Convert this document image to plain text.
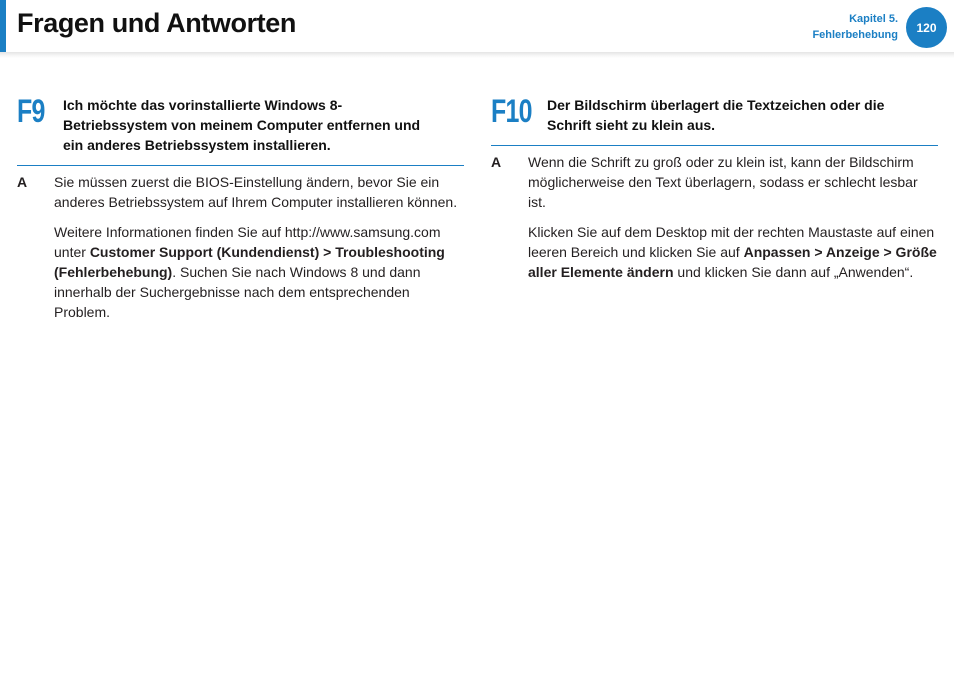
Fragen und Antworten	Kapitel 5.
Fehlerbehebung
120
F9 Ich möchte das vorinstallierte Windows 8-Betriebssystem von meinem Computer entfernen und ein anderes Betriebssystem installieren.
A Sie müssen zuerst die BIOS-Einstellung ändern, bevor Sie ein anderes Betriebssystem auf Ihrem Computer installieren können.

Weitere Informationen finden Sie auf http://www.samsung.com unter Customer Support (Kundendienst) > Troubleshooting (Fehlerbehebung). Suchen Sie nach Windows 8 und dann innerhalb der Suchergebnisse nach dem entsprechenden Problem.

F10 Der Bildschirm überlagert die Textzeichen oder die Schrift sieht zu klein aus.
A Wenn die Schrift zu groß oder zu klein ist, kann der Bildschirm möglicherweise den Text überlagern, sodass er schlecht lesbar ist.

Klicken Sie auf dem Desktop mit der rechten Maustaste auf einen leeren Bereich und klicken Sie auf Anpassen > Anzeige > Größe aller Elemente ändern und klicken Sie dann auf „Anwenden“.
